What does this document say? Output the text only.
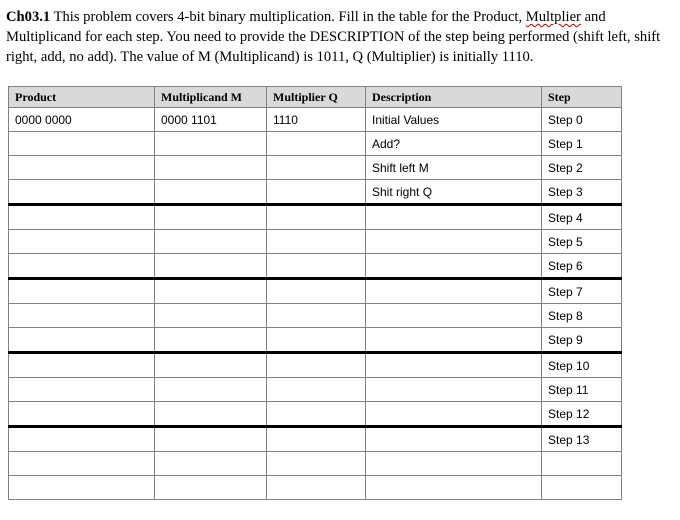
Ch03.1 This problem covers 4-bit binary multiplication. Fill in the table for the Product, Multplier and Multiplicand for each step. You need to provide the DESCRIPTION of the step being performed (shift left, shift right, add, no add). The value of M (Multiplicand) is 1011, Q (Multiplier) is initially 1110.
Product	Multiplicand M	Multiplier Q	Description	Step
0000 0000	0000 1101	1110	Initial Values	Step 0
			Add?	Step 1
			Shift left M	Step 2
			Shit right Q	Step 3
				Step 4
				Step 5
				Step 6
				Step 7
				Step 8
				Step 9
				Step 10
				Step 11
				Step 12
				Step 13
